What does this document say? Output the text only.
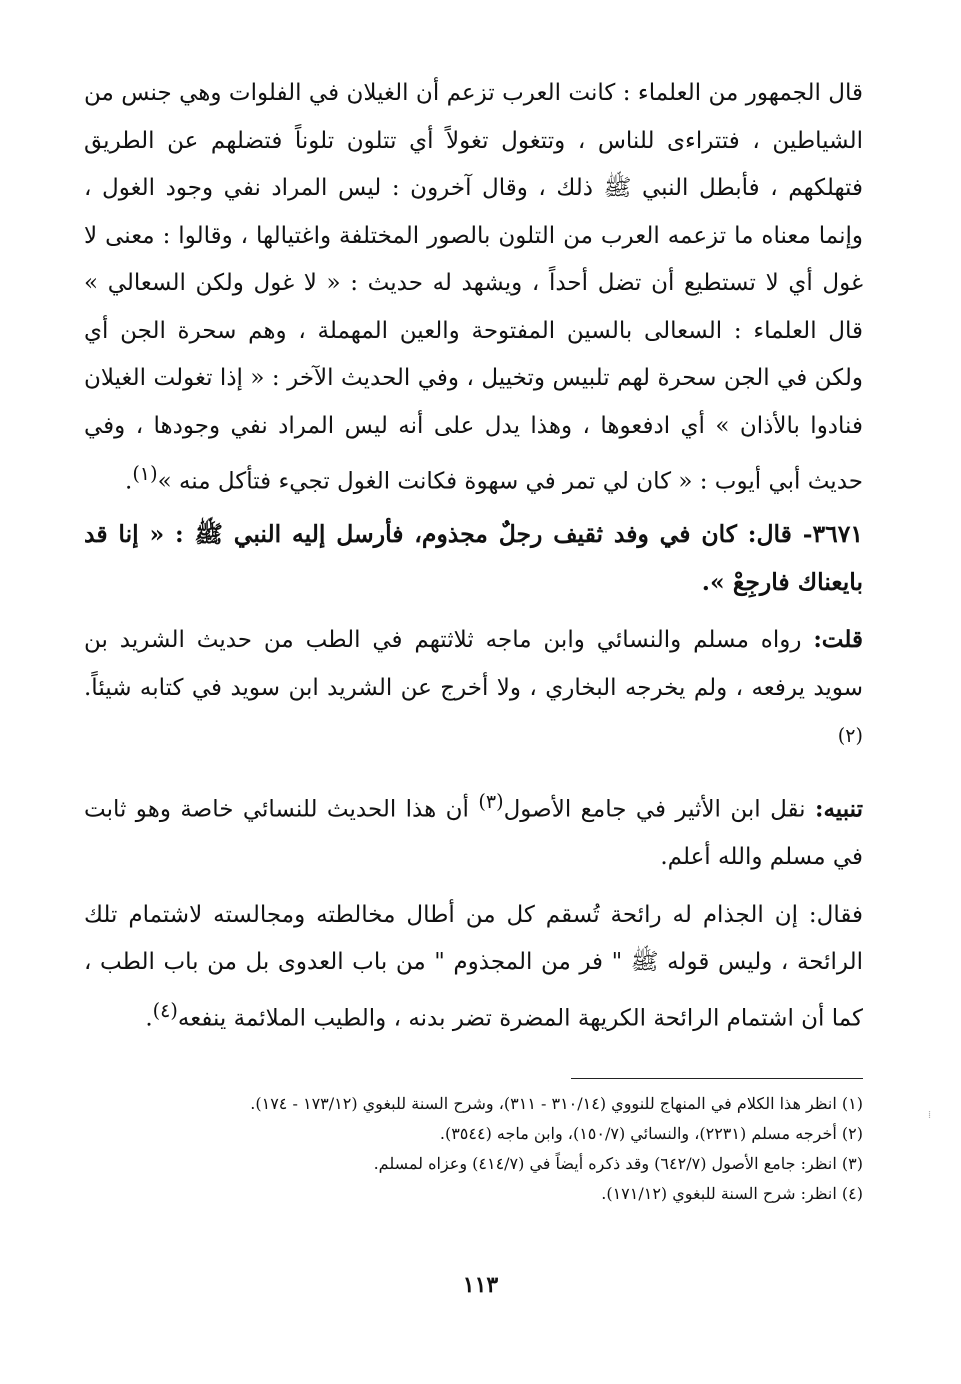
قال الجمهور من العلماء : كانت العرب تزعم أن الغيلان في الفلوات وهي جنس من الشياطين ، فتتراءى للناس ، وتتغول تغولاً أي تتلون تلوناً فتضلهم عن الطريق فتهلكهم ، فأبطل النبي ﷺ ذلك ، وقال آخرون : ليس المراد نفي وجود الغول ، وإنما معناه ما تزعمه العرب من التلون بالصور المختلفة واغتيالها ، وقالوا : معنى لا غول أي لا تستطيع أن تضل أحداً ، ويشهد له حديث : « لا غول ولكن السعالي » قال العلماء : السعالى بالسين المفتوحة والعين المهملة ، وهم سحرة الجن أي ولكن في الجن سحرة لهم تلبيس وتخييل ، وفي الحديث الآخر : « إذا تغولت الغيلان فنادوا بالأذان » أي ادفعوها ، وهذا يدل على أنه ليس المراد نفي وجودها ، وفي حديث أبي أيوب : « كان لي تمر في سهوة فكانت الغول تجيء فتأكل منه »$^{(١)}$.

٣٦٧١- قال: كان في وفد ثقيف رجلٌ مجذوم، فأرسل إليه النبي ﷺ : « إنا قد بايعناك فارجِعْ ».

قلت: رواه مسلم والنسائي وابن ماجه ثلاثتهم في الطب من حديث الشريد بن سويد يرفعه ، ولم يخرجه البخاري ، ولا أخرج عن الشريد ابن سويد في كتابه شيئاً.$^{(٢)}$

تنبيه: نقل ابن الأثير في جامع الأصول$^{(٣)}$ أن هذا الحديث للنسائي خاصة وهو ثابت في مسلم والله أعلم.

فقال: إن الجذام له رائحة تُسقم كل من أطال مخالطته ومجالسته لاشتمام تلك الرائحة ، وليس قوله ﷺ " فر من المجذوم " من باب العدوى بل من باب الطب ، كما أن اشتمام الرائحة الكريهة المضرة تضر بدنه ، والطيب الملائمة ينفعه$^{(٤)}$.

(١) انظر هذا الكلام في المنهاج للنووي (٣١٠/١٤ - ٣١١)، وشرح السنة للبغوي (١٧٣/١٢ - ١٧٤).

(٢) أخرجه مسلم (٢٢٣١)، والنسائي (١٥٠/٧)، وابن ماجه (٣٥٤٤).

(٣) انظر: جامع الأصول (٦٤٢/٧) وقد ذكره أيضاً في (٤١٤/٧) وعزاه لمسلم.

(٤) انظر: شرح السنة للبغوي (١٧١/١٢).

١١٣
⁞
